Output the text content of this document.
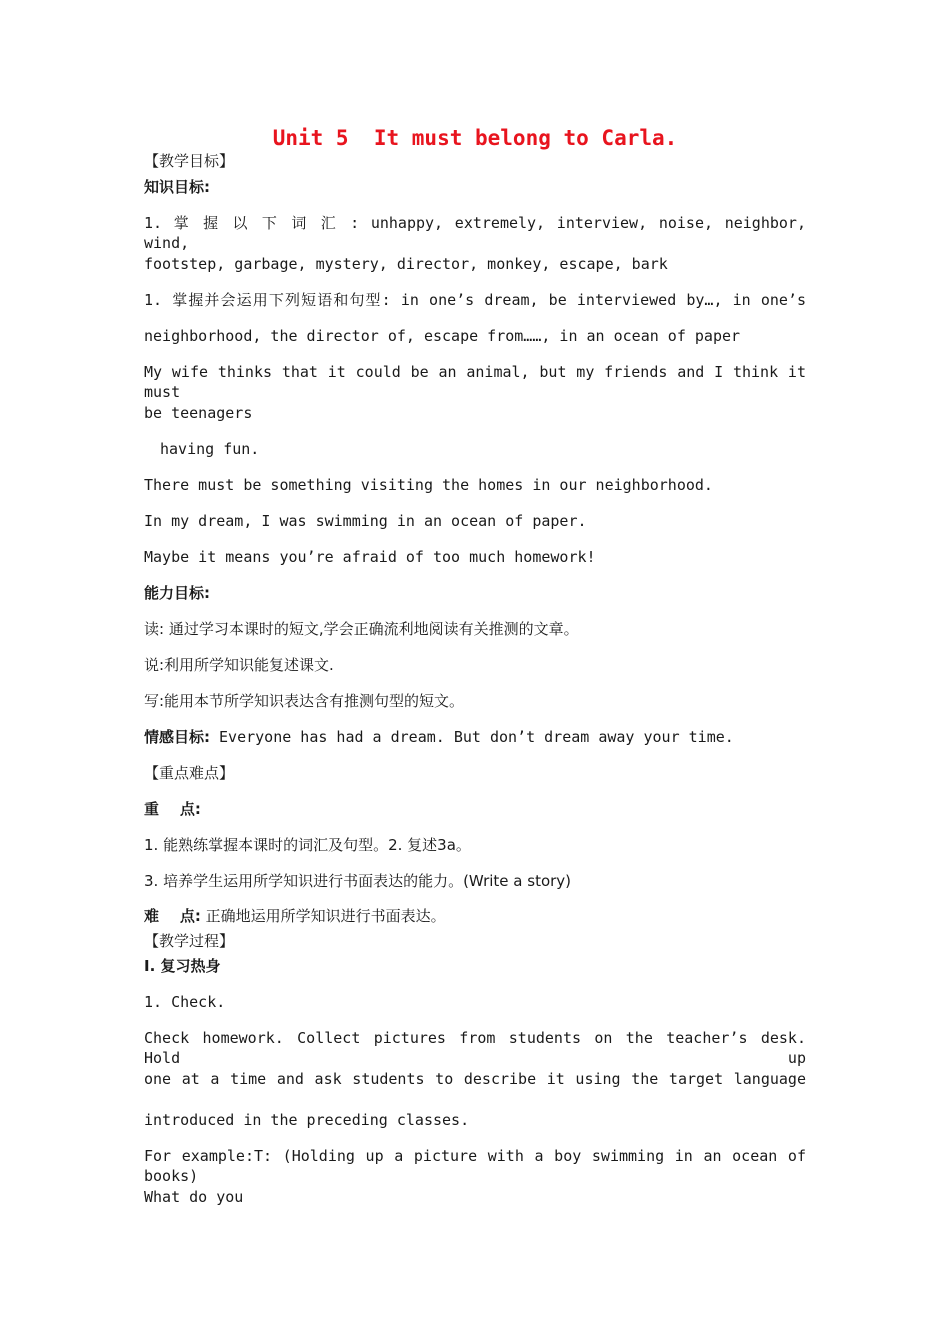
Unit 5  It must belong to Carla.
【教学目标】
知识目标:
1. 掌 握 以 下 词 汇 : unhappy, extremely, interview, noise, neighbor, wind,
footstep, garbage, mystery, director, monkey, escape, bark
1. 掌握并会运用下列短语和句型: in one’s dream, be interviewed by…, in one’s
neighborhood, the director of, escape from……, in an ocean of paper
My wife thinks that it could be an animal, but my friends and I think it must
be teenagers
having fun.
There must be something visiting the homes in our neighborhood.
In my dream, I was swimming in an ocean of paper.
Maybe it means you’re afraid of too much homework!
能力目标:
读: 通过学习本课时的短文,学会正确流利地阅读有关推测的文章。
说:利用所学知识能复述课文.
写:能用本节所学知识表达含有推测句型的短文。
情感目标: Everyone has had a dream. But don’t dream away your time.
【重点难点】
重    点:
1. 能熟练掌握本课时的词汇及句型。2. 复述3a。
3. 培养学生运用所学知识进行书面表达的能力。(Write a story)
难    点: 正确地运用所学知识进行书面表达。
【教学过程】
I. 复习热身
1. Check.
Check homework. Collect pictures from students on the teacher’s desk. Hold up
one at a time and ask students to describe it using the target language
introduced in the preceding classes.
For example:T: (Holding up a picture with a boy swimming in an ocean of books)
What do you
